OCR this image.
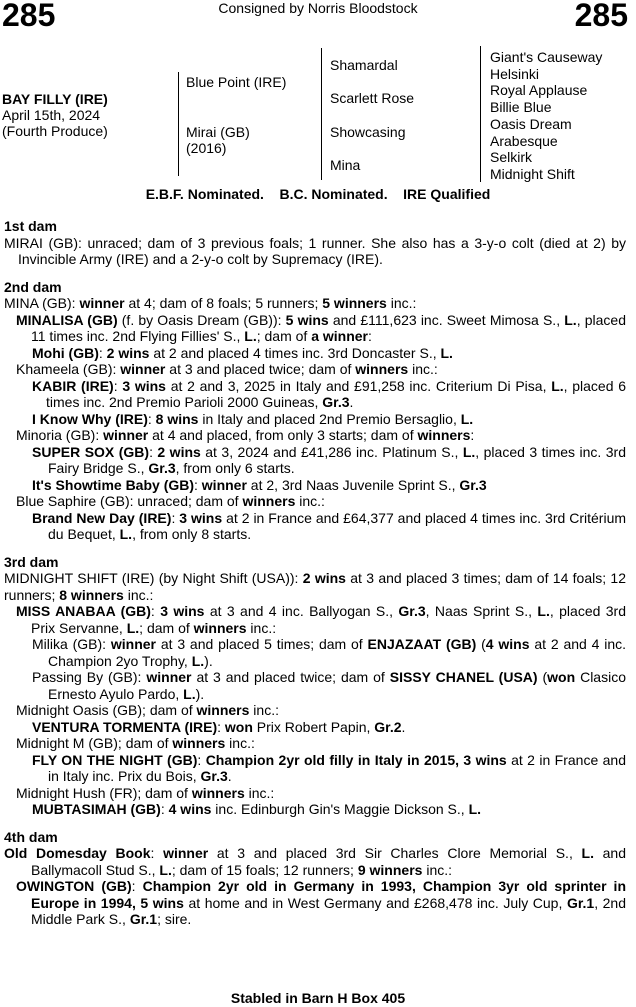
285	Consigned by Norris Bloodstock	285
BAY FILLY (IRE)
April 15th, 2024
(Fourth Produce)
Blue Point (IRE)
Mirai (GB)
(2016)
Shamardal
Scarlett Rose
Showcasing
Mina
Giant's Causeway
Helsinki
Royal Applause
Billie Blue
Oasis Dream
Arabesque
Selkirk
Midnight Shift
E.B.F. Nominated.    B.C. Nominated.    IRE Qualified
1st dam

MIRAI (GB): unraced; dam of 3 previous foals; 1 runner. She also has a 3-y-o colt (died at 2) by Invincible Army (IRE) and a 2-y-o colt by Supremacy (IRE).

2nd dam

MINA (GB): winner at 4; dam of 8 foals; 5 runners; 5 winners inc.:

MINALISA (GB) (f. by Oasis Dream (GB)): 5 wins and £111,623 inc. Sweet Mimosa S., L., placed 11 times inc. 2nd Flying Fillies' S., L.; dam of a winner:

Mohi (GB): 2 wins at 2 and placed 4 times inc. 3rd Doncaster S., L.

Khameela (GB): winner at 3 and placed twice; dam of winners inc.:

KABIR (IRE): 3 wins at 2 and 3, 2025 in Italy and £91,258 inc. Criterium Di Pisa, L., placed 6 times inc. 2nd Premio Parioli 2000 Guineas, Gr.3.

I Know Why (IRE): 8 wins in Italy and placed 2nd Premio Bersaglio, L.

Minoria (GB): winner at 4 and placed, from only 3 starts; dam of winners:

SUPER SOX (GB): 2 wins at 3, 2024 and £41,286 inc. Platinum S., L., placed 3 times inc. 3rd Fairy Bridge S., Gr.3, from only 6 starts.

It's Showtime Baby (GB): winner at 2, 3rd Naas Juvenile Sprint S., Gr.3

Blue Saphire (GB): unraced; dam of winners inc.:

Brand New Day (IRE): 3 wins at 2 in France and £64,377 and placed 4 times inc. 3rd Critérium du Bequet, L., from only 8 starts.

3rd dam

MIDNIGHT SHIFT (IRE) (by Night Shift (USA)): 2 wins at 3 and placed 3 times; dam of 14 foals; 12 runners; 8 winners inc.:

MISS ANABAA (GB): 3 wins at 3 and 4 inc. Ballyogan S., Gr.3, Naas Sprint S., L., placed 3rd Prix Servanne, L.; dam of winners inc.:

Milika (GB): winner at 3 and placed 5 times; dam of ENJAZAAT (GB) (4 wins at 2 and 4 inc. Champion 2yo Trophy, L.).

Passing By (GB): winner at 3 and placed twice; dam of SISSY CHANEL (USA) (won Clasico Ernesto Ayulo Pardo, L.).

Midnight Oasis (GB); dam of winners inc.:

VENTURA TORMENTA (IRE): won Prix Robert Papin, Gr.2.

Midnight M (GB); dam of winners inc.:

FLY ON THE NIGHT (GB): Champion 2yr old filly in Italy in 2015, 3 wins at 2 in France and in Italy inc. Prix du Bois, Gr.3.

Midnight Hush (FR); dam of winners inc.:

MUBTASIMAH (GB): 4 wins inc. Edinburgh Gin's Maggie Dickson S., L.

4th dam

Old Domesday Book: winner at 3 and placed 3rd Sir Charles Clore Memorial S., L. and Ballymacoll Stud S., L.; dam of 15 foals; 12 runners; 9 winners inc.:

OWINGTON (GB): Champion 2yr old in Germany in 1993, Champion 3yr old sprinter in Europe in 1994, 5 wins at home and in West Germany and £268,478 inc. July Cup, Gr.1, 2nd Middle Park S., Gr.1; sire.

Stabled in Barn H Box 405
